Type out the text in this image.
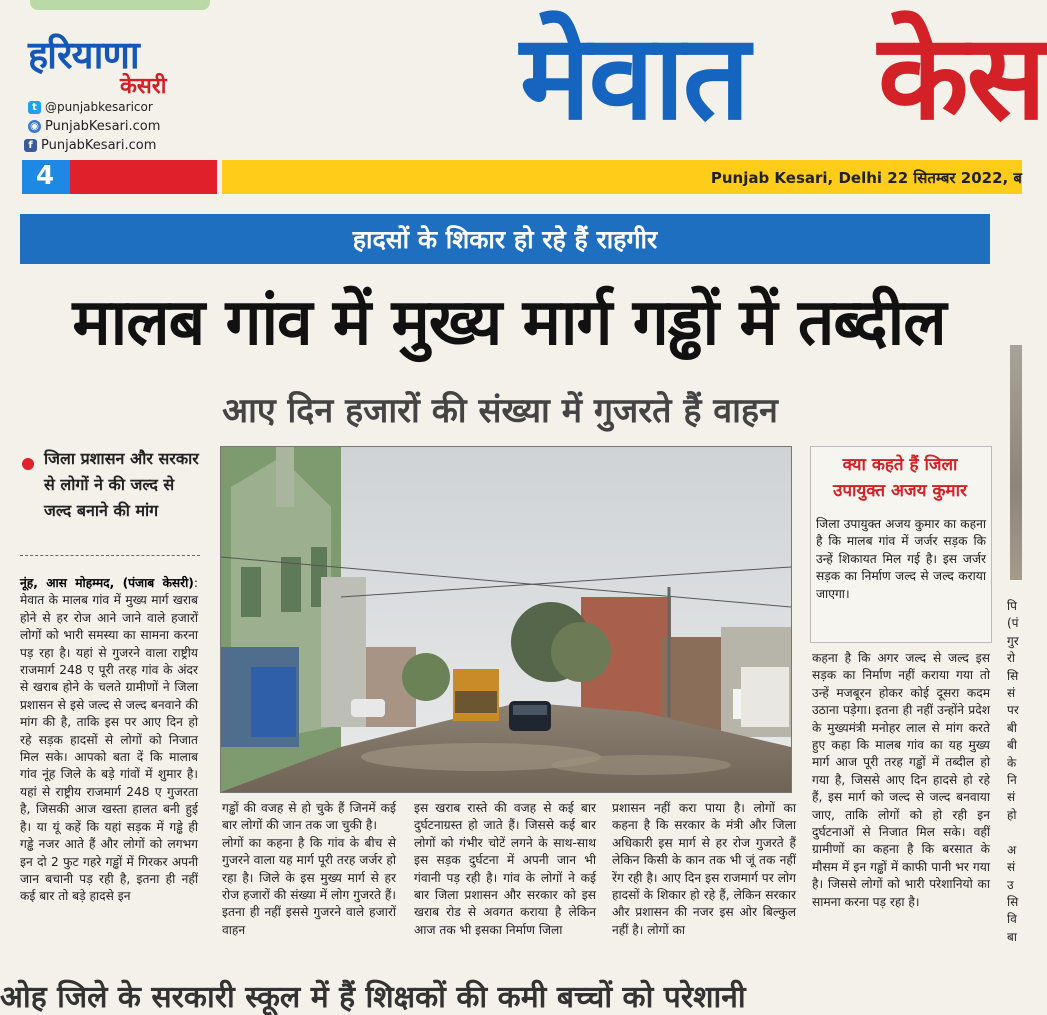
हरियाणा
केसरी
t @punjabkesaricor
◉ PunjabKesari.com
f PunjabKesari.com	मेवात केस
4	Punjab Kesari, Delhi 22 सितम्बर 2022, ब
हादसों के शिकार हो रहे हैं राहगीर
मालब गांव में मुख्य मार्ग गड्ढों में तब्दील
आए दिन हजारों की संख्या में गुजरते हैं वाहन
जिला प्रशासन और सरकार से लोगों ने की जल्द से जल्द बनाने की मांग
नूंह, आस मोहम्मद, (पंजाब केसरी): मेवात के मालब गांव में मुख्य मार्ग खराब होने से हर रोज आने जाने वाले हजारों लोगों को भारी समस्या का सामना करना पड़ रहा है। यहां से गुजरने वाला राष्ट्रीय राजमार्ग 248 ए पूरी तरह गांव के अंदर से खराब होने के चलते ग्रामीणों ने जिला प्रशासन से इसे जल्द से जल्द बनवाने की मांग की है, ताकि इस पर आए दिन हो रहे सड़क हादसों से लोगों को निजात मिल सके। आपको बता दें कि मालाब गांव नूंह जिले के बड़े गांवों में शुमार है। यहां से राष्ट्रीय राजमार्ग 248 ए गुजरता है, जिसकी आज खस्ता हालत बनी हुई है। या यूं कहें कि यहां सड़क में गड्ढे ही गड्ढे नजर आते हैं और लोगों को लगभग इन दो 2 फुट गहरे गड्ढों में गिरकर अपनी जान बचानी पड़ रही है, इतना ही नहीं कई बार तो बड़े हादसे इन
गड्ढों की वजह से हो चुके हैं जिनमें कई बार लोगों की जान तक जा चुकी है।
लोगों का कहना है कि गांव के बीच से गुजरने वाला यह मार्ग पूरी तरह जर्जर हो रहा है। जिले के इस मुख्य मार्ग से हर रोज हजारों की संख्या में लोग गुजरते हैं। इतना ही नहीं इससे गुजरने वाले हजारों वाहन
इस खराब रास्ते की वजह से कई बार दुर्घटनाग्रस्त हो जाते हैं। जिससे कई बार लोगों को गंभीर चोटें लगने के साथ-साथ इस सड़क दुर्घटना में अपनी जान भी गंवानी पड़ रही है। गांव के लोगों ने कई बार जिला प्रशासन और सरकार को इस खराब रोड से अवगत कराया है लेकिन आज तक भी इसका निर्माण जिला
प्रशासन नहीं करा पाया है। लोगों का कहना है कि सरकार के मंत्री और जिला अधिकारी इस मार्ग से हर रोज गुजरते हैं लेकिन किसी के कान तक भी जूं तक नहीं रेंग रही है। आए दिन इस राजमार्ग पर लोग हादसों के शिकार हो रहे हैं, लेकिन सरकार और प्रशासन की नजर इस ओर बिल्कुल नहीं है। लोगों का
क्या कहते हैं जिला उपायुक्त अजय कुमार
जिला उपायुक्त अजय कुमार का कहना है कि मालब गांव में जर्जर सड़क कि उन्हें शिकायत मिल गई है। इस जर्जर सड़क का निर्माण जल्द से जल्द कराया जाएगा।
कहना है कि अगर जल्द से जल्द इस सड़क का निर्माण नहीं कराया गया तो उन्हें मजबूरन होकर कोई दूसरा कदम उठाना पड़ेगा। इतना ही नहीं उन्होंने प्रदेश के मुख्यमंत्री मनोहर लाल से मांग करते हुए कहा कि मालब गांव का यह मुख्य मार्ग आज पूरी तरह गड्ढों में तब्दील हो गया है, जिससे आए दिन हादसे हो रहे हैं, इस मार्ग को जल्द से जल्द बनवाया जाए, ताकि लोगों को हो रही इन दुर्घटनाओं से निजात मिल सके। वहीं ग्रामीणों का कहना है कि बरसात के मौसम में इन गड्ढों में काफी पानी भर गया है। जिससे लोगों को भारी परेशानियो का सामना करना पड़ रहा है।
पि
(पं
गुर
रो
सि
सं
पर
बी
बी
के
नि
सं
हो

अ
सं
उ
सि
वि
बा
ओह जिले के सरकारी स्कूल में हैं शिक्षकों की कमी बच्चों को परेशानी
